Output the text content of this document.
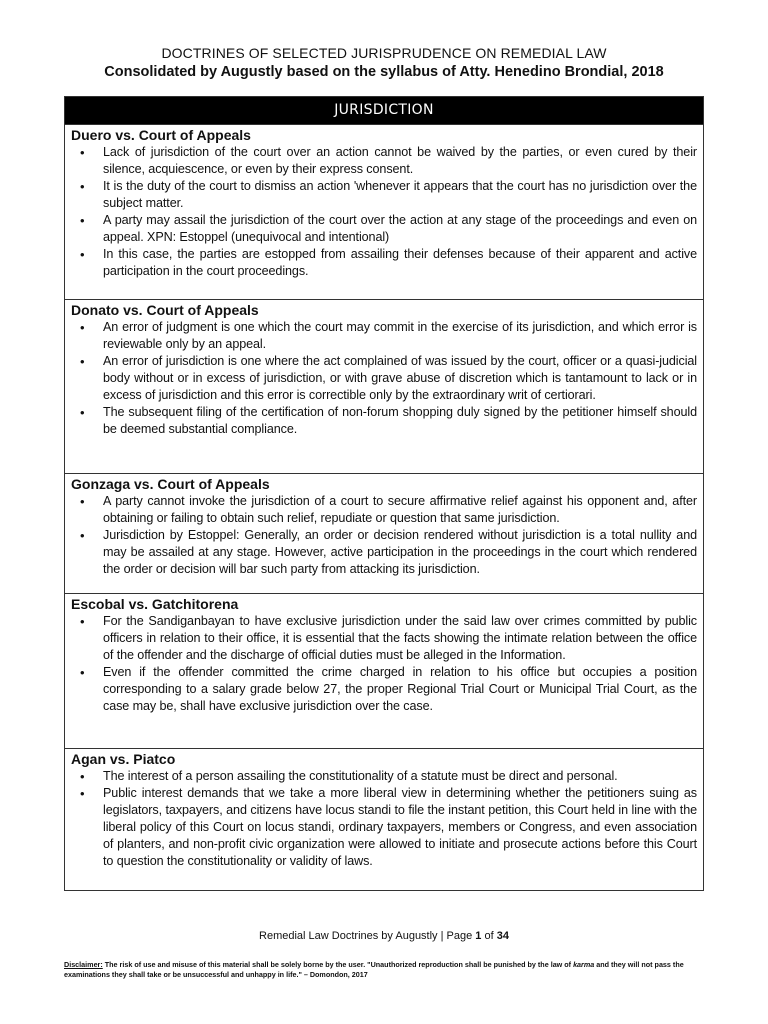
DOCTRINES OF SELECTED JURISPRUDENCE ON REMEDIAL LAW
Consolidated by Augustly based on the syllabus of Atty. Henedino Brondial, 2018
JURISDICTION
Duero vs. Court of Appeals
• Lack of jurisdiction of the court over an action cannot be waived by the parties, or even cured by their silence, acquiescence, or even by their express consent.
• It is the duty of the court to dismiss an action 'whenever it appears that the court has no jurisdiction over the subject matter.
• A party may assail the jurisdiction of the court over the action at any stage of the proceedings and even on appeal. XPN: Estoppel (unequivocal and intentional)
• In this case, the parties are estopped from assailing their defenses because of their apparent and active participation in the court proceedings.
Donato vs. Court of Appeals
• An error of judgment is one which the court may commit in the exercise of its jurisdiction, and which error is reviewable only by an appeal.
• An error of jurisdiction is one where the act complained of was issued by the court, officer or a quasi-judicial body without or in excess of jurisdiction, or with grave abuse of discretion which is tantamount to lack or in excess of jurisdiction and this error is correctible only by the extraordinary writ of certiorari.
• The subsequent filing of the certification of non-forum shopping duly signed by the petitioner himself should be deemed substantial compliance.
Gonzaga vs. Court of Appeals
• A party cannot invoke the jurisdiction of a court to secure affirmative relief against his opponent and, after obtaining or failing to obtain such relief, repudiate or question that same jurisdiction.
• Jurisdiction by Estoppel: Generally, an order or decision rendered without jurisdiction is a total nullity and may be assailed at any stage. However, active participation in the proceedings in the court which rendered the order or decision will bar such party from attacking its jurisdiction.
Escobal vs. Gatchitorena
• For the Sandiganbayan to have exclusive jurisdiction under the said law over crimes committed by public officers in relation to their office, it is essential that the facts showing the intimate relation between the office of the offender and the discharge of official duties must be alleged in the Information.
• Even if the offender committed the crime charged in relation to his office but occupies a position corresponding to a salary grade below 27, the proper Regional Trial Court or Municipal Trial Court, as the case may be, shall have exclusive jurisdiction over the case.
Agan vs. Piatco
• The interest of a person assailing the constitutionality of a statute must be direct and personal.
• Public interest demands that we take a more liberal view in determining whether the petitioners suing as legislators, taxpayers, and citizens have locus standi to file the instant petition, this Court held in line with the liberal policy of this Court on locus standi, ordinary taxpayers, members or Congress, and even association of planters, and non-profit civic organization were allowed to initiate and prosecute actions before this Court to question the constitutionality or validity of laws.
Remedial Law Doctrines by Augustly | Page 1 of 34
Disclaimer: The risk of use and misuse of this material shall be solely borne by the user. "Unauthorized reproduction shall be punished by the law of karma and they will not pass the examinations they shall take or be unsuccessful and unhappy in life." – Domondon, 2017
